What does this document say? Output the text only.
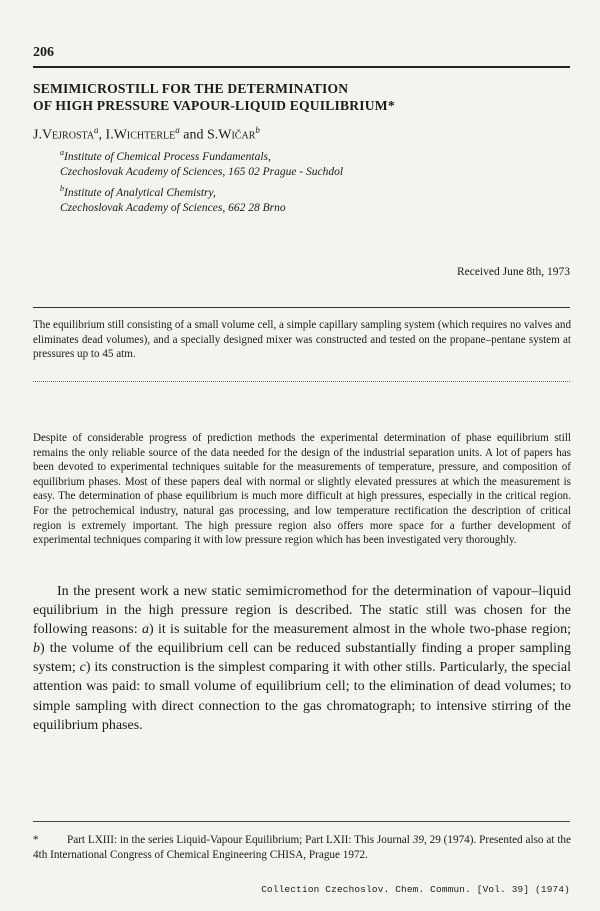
206
SEMIMICROSTILL FOR THE DETERMINATION
OF HIGH PRESSURE VAPOUR-LIQUID EQUILIBRIUM*
J.Vejrosta$^a$, I.Wichterle$^a$ and S.Wičar$^b$
$^a$Institute of Chemical Process Fundamentals,
Czechoslovak Academy of Sciences, 165 02 Prague - Suchdol
$^b$Institute of Analytical Chemistry,
Czechoslovak Academy of Sciences, 662 28 Brno
Received June 8th, 1973
The equilibrium still consisting of a small volume cell, a simple capillary sampling system (which requires no valves and eliminates dead volumes), and a specially designed mixer was constructed and tested on the propane–pentane system at pressures up to 45 atm.
Despite of considerable progress of prediction methods the experimental determination of phase equilibrium still remains the only reliable source of the data needed for the design of the industrial separation units. A lot of papers has been devoted to experimental techniques suitable for the measurements of temperature, pressure, and composition of equilibrium phases. Most of these papers deal with normal or slightly elevated pressures at which the measurement is easy. The determination of phase equilibrium is much more difficult at high pressures, especially in the critical region. For the petrochemical industry, natural gas processing, and low temperature rectification the description of critical region is extremely important. The high pressure region also offers more space for a further development of experimental techniques comparing it with low pressure region which has been investigated very thoroughly.
In the present work a new static semimicromethod for the determination of vapour–liquid equilibrium in the high pressure region is described. The static still was chosen for the following reasons: a) it is suitable for the measurement almost in the whole two-phase region; b) the volume of the equilibrium cell can be reduced substantially finding a proper sampling system; c) its construction is the simplest comparing it with other stills. Particularly, the special attention was paid: to small volume of equilibrium cell; to the elimination of dead volumes; to simple sampling with direct connection to the gas chromatograph; to intensive stirring of the equilibrium phases.
*	Part LXIII: in the series Liquid-Vapour Equilibrium; Part LXII: This Journal 39, 29 (1974). Presented also at the 4th International Congress of Chemical Engineering CHISA, Prague 1972.
Collection Czechoslov. Chem. Commun. [Vol. 39] (1974)
